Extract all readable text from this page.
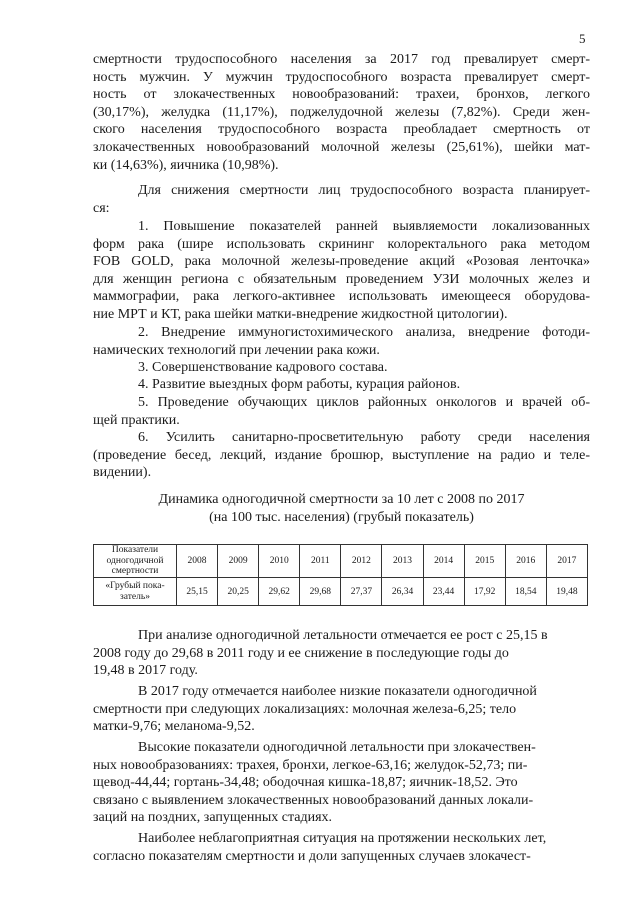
5
смертности трудоспособного населения за 2017 год превалирует смерт-
ность мужчин. У мужчин трудоспособного возраста превалирует смерт-
ность от злокачественных новообразований: трахеи, бронхов, легкого
(30,17%), желудка (11,17%), поджелудочной железы (7,82%). Среди жен-
ского населения трудоспособного возраста преобладает смертность от
злокачественных новообразований молочной железы (25,61%), шейки мат-
ки (14,63%), яичника (10,98%).
Для снижения смертности лиц трудоспособного возраста планирует-
ся:
1. Повышение показателей ранней выявляемости локализованных
форм рака (шире использовать скрининг колоректального рака методом
FOB GOLD, рака молочной железы-проведение акций «Розовая ленточка»
для женщин региона с обязательным проведением УЗИ молочных желез и
маммографии, рака легкого-активнее использовать имеющееся оборудова-
ние МРТ и КТ, рака шейки матки-внедрение жидкостной цитологии).
2. Внедрение иммуногистохимического анализа, внедрение фотоди-
намических технологий при лечении рака кожи.
3. Совершенствование кадрового состава.
4. Развитие выездных форм работы, курация районов.
5. Проведение обучающих циклов районных онкологов и врачей об-
щей практики.
6. Усилить санитарно-просветительную работу среди населения
(проведение бесед, лекций, издание брошюр, выступление на радио и теле-
видении).
Динамика одногодичной смертности за 10 лет с 2008 по 2017
(на 100 тыс. населения) (грубый показатель)
Показатели
одногодичной
смертности	2008	2009	2010	2011	2012	2013	2014	2015	2016	2017

«Грубый пока-
затель»	25,15	20,25	29,62	29,68	27,37	26,34	23,44	17,92	18,54	19,48
При анализе одногодичной летальности отмечается ее рост с 25,15 в
2008 году до 29,68 в 2011 году и ее снижение в последующие годы до
19,48 в 2017 году.
В 2017 году отмечается наиболее низкие показатели одногодичной
смертности при следующих локализациях: молочная железа-6,25; тело
матки-9,76; меланома-9,52.
Высокие показатели одногодичной летальности при злокачествен-
ных новообразованиях: трахея, бронхи, легкое-63,16; желудок-52,73; пи-
щевод-44,44; гортань-34,48; ободочная кишка-18,87; яичник-18,52. Это
связано с выявлением злокачественных новообразований данных локали-
заций на поздних, запущенных стадиях.
Наиболее неблагоприятная ситуация на протяжении нескольких лет,
согласно показателям смертности и доли запущенных случаев злокачест-
